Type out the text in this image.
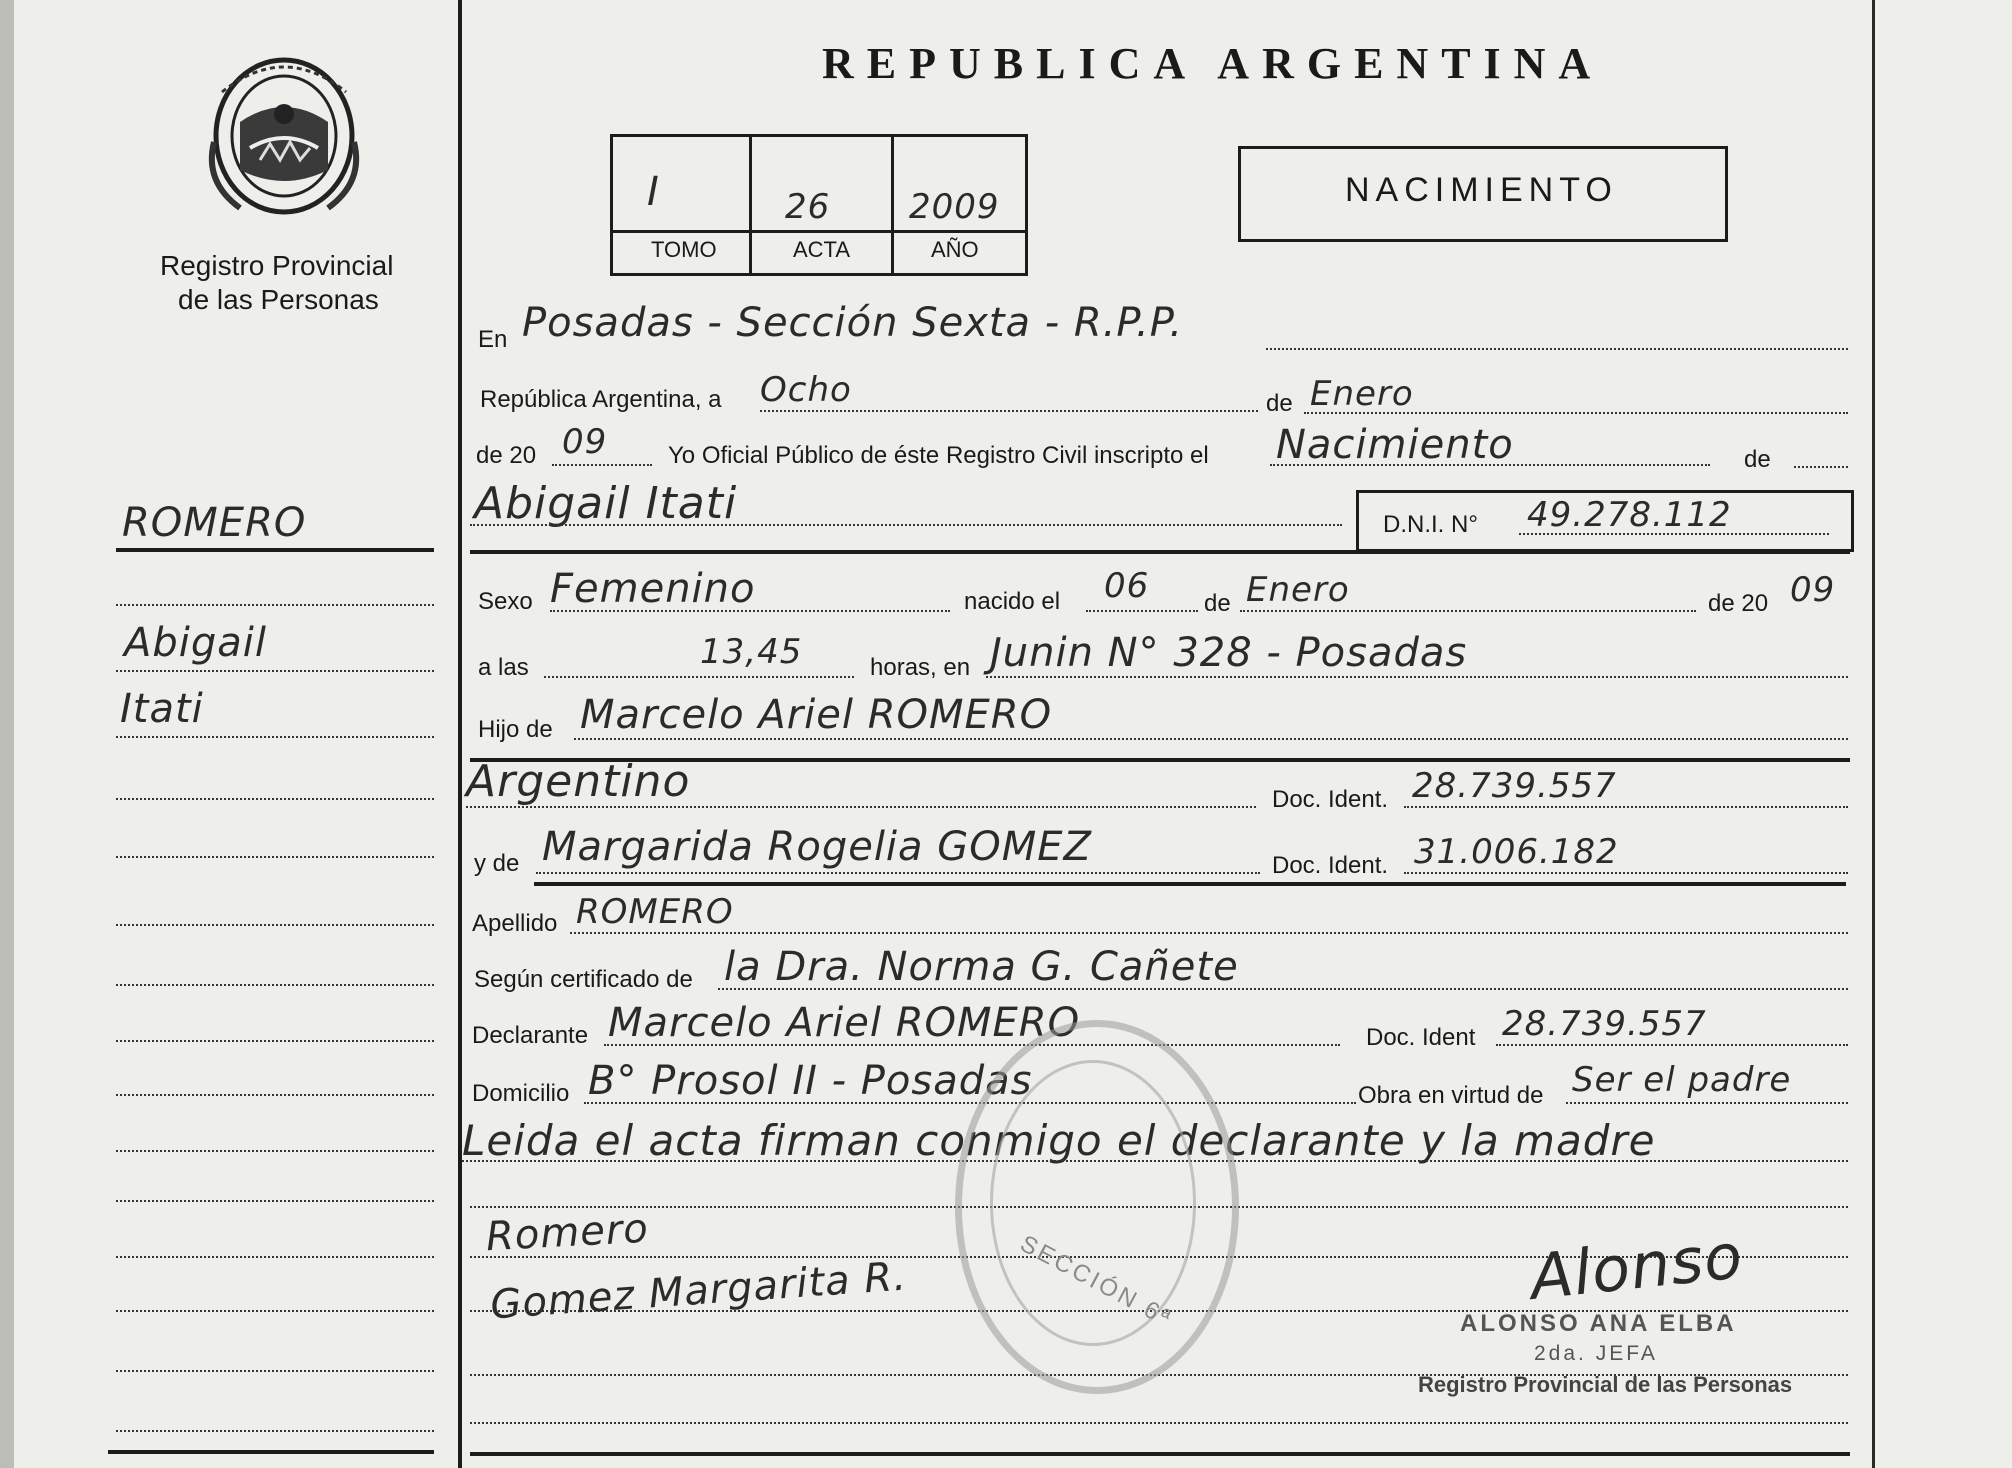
Registro Provincial
de las Personas
ROMERO
Abigail
Itati
REPUBLICA ARGENTINA
I	26 2009
TOMO	ACTA	AÑO
NACIMIENTO
En Posadas - Sección Sexta - R.P.P.
República Argentina, a Ocho	de Enero
de 20 09	Yo Oficial Público de éste Registro Civil inscripto el Nacimiento	de
Abigail Itati	D.N.I. N° 49.278.112
Sexo Femenino	nacido el 06 de Enero	de 20 09
a las	13,45	horas, en Junin N° 328 - Posadas
Hijo de Marcelo Ariel ROMERO
Argentino	Doc. Ident. 28.739.557
y de Margarida Rogelia GOMEZ	Doc. Ident. 31.006.182
Apellido ROMERO
Según certificado de la Dra. Norma G. Cañete
Declarante Marcelo Ariel ROMERO	Doc. Ident 28.739.557
Domicilio B° Prosol II - Posadas	Obra en virtud de Ser el padre
Leida el acta firman conmigo el declarante y la madre
SECCIÓN 6ª
Romero
Gomez Margarita R.	Alonso
ALONSO ANA ELBA
2da. JEFA
Registro Provincial de las Personas
